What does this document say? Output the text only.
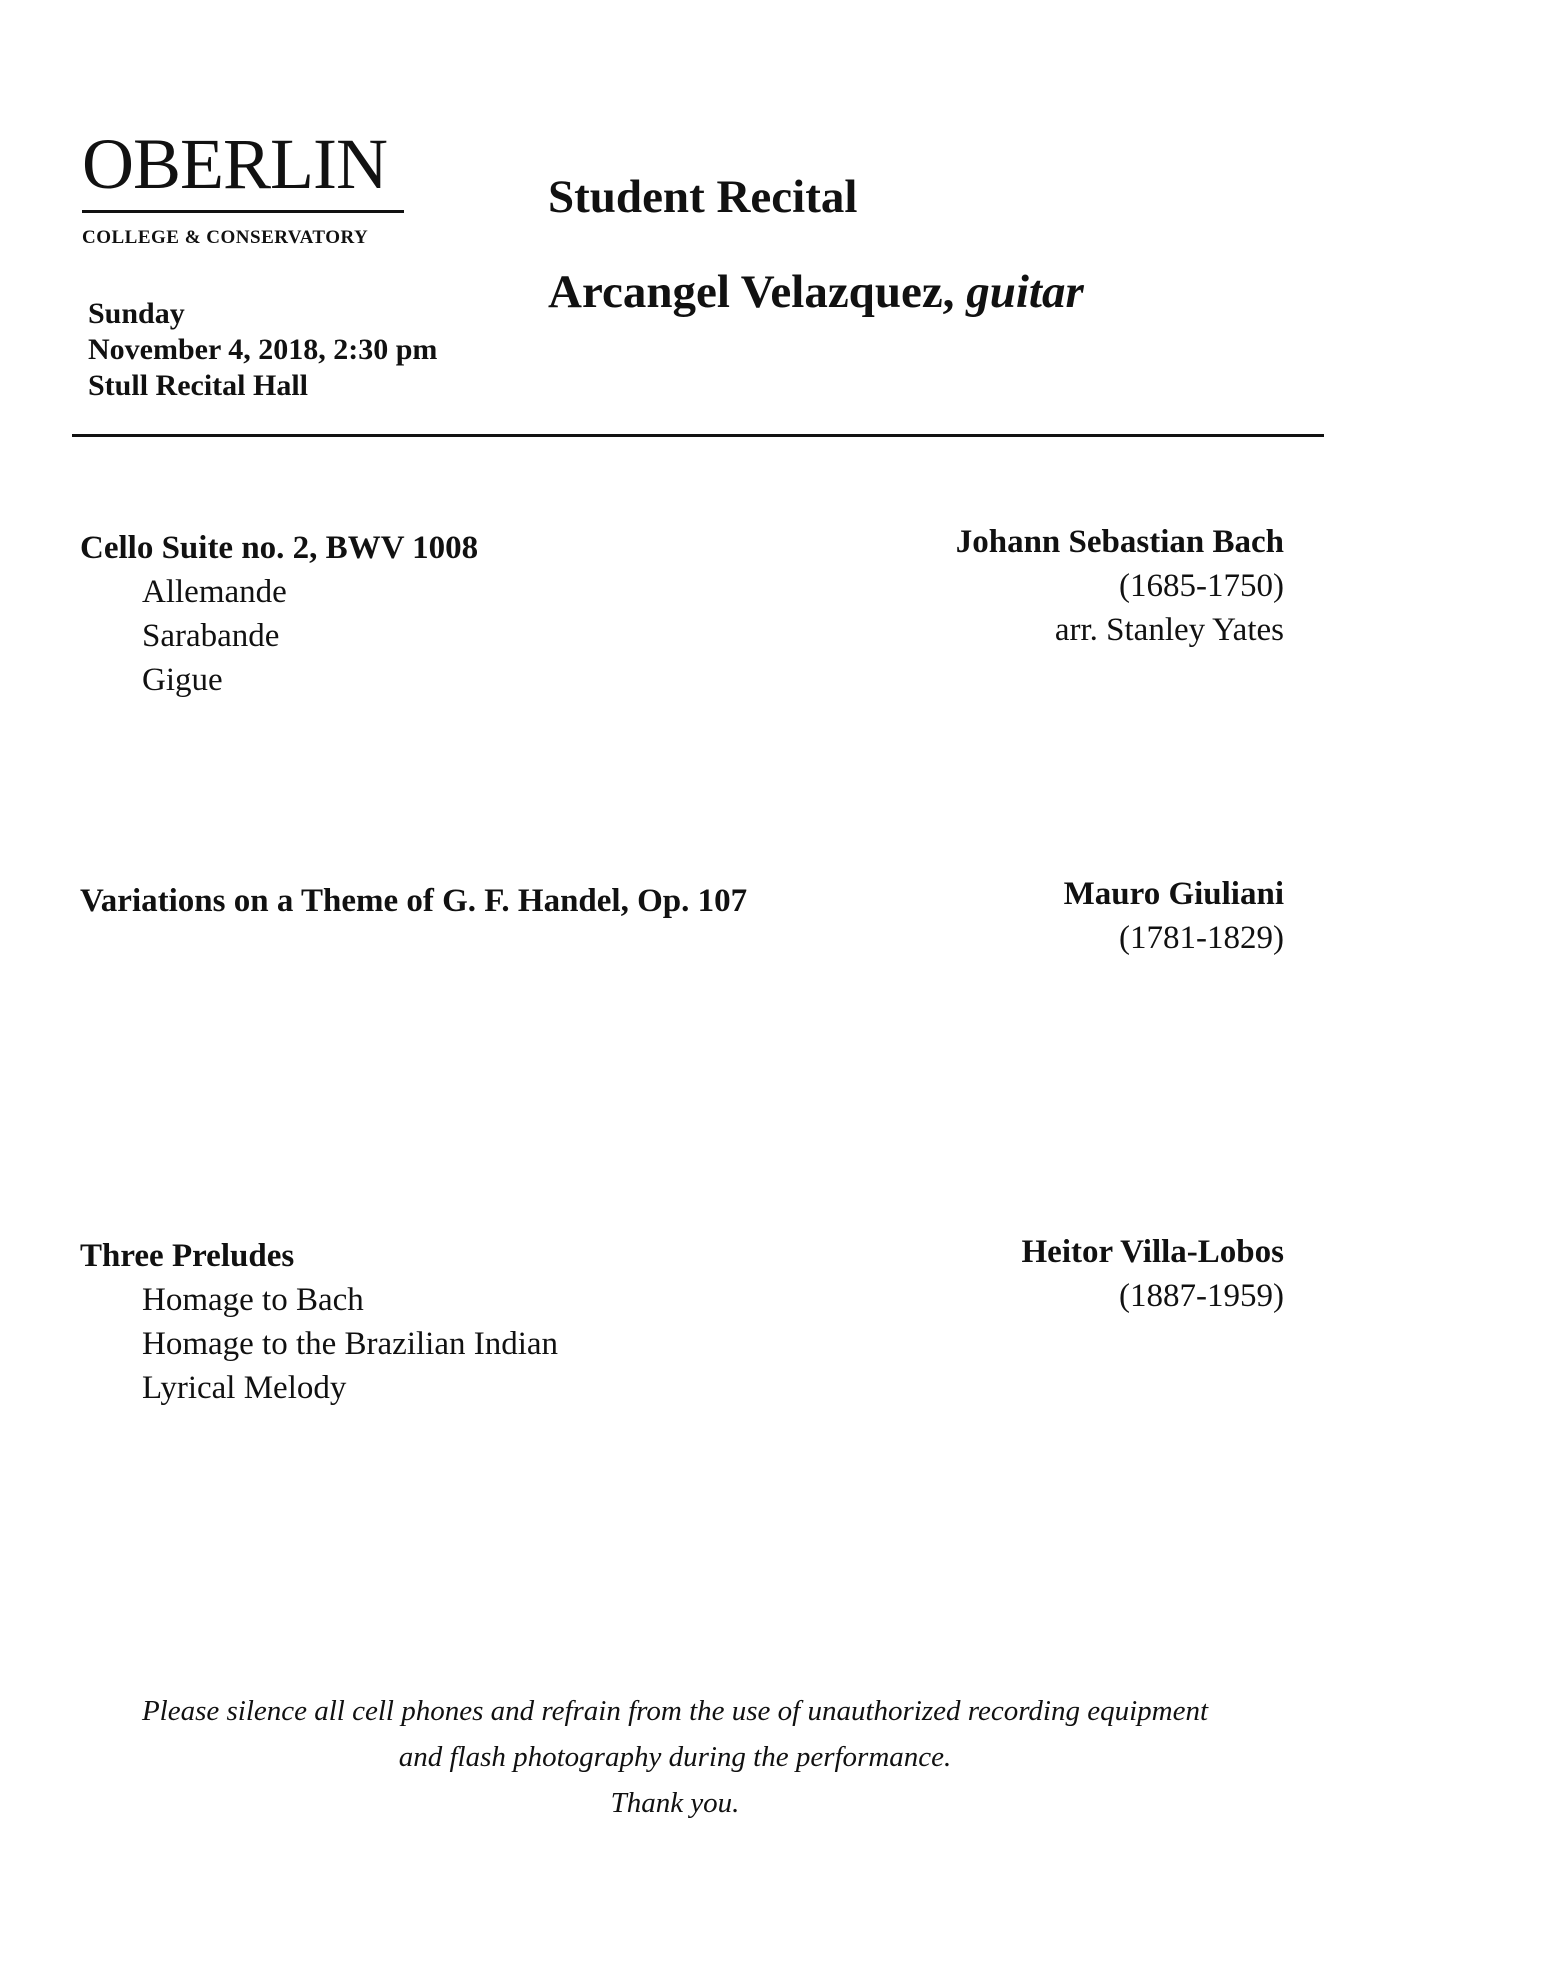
OBERLIN
COLLEGE & CONSERVATORY
Sunday
November 4, 2018, 2:30 pm
Stull Recital Hall
Student Recital
Arcangel Velazquez, guitar
Cello Suite no. 2, BWV 1008
Allemande
Sarabande
Gigue
Johann Sebastian Bach
(1685-1750)
arr. Stanley Yates
Variations on a Theme of G. F. Handel, Op. 107	Mauro Giuliani
(1781-1829)
Three Preludes
Homage to Bach
Homage to the Brazilian Indian
Lyrical Melody
Heitor Villa-Lobos
(1887-1959)
Please silence all cell phones and refrain from the use of unauthorized recording equipment
and flash photography during the performance.
Thank you.
